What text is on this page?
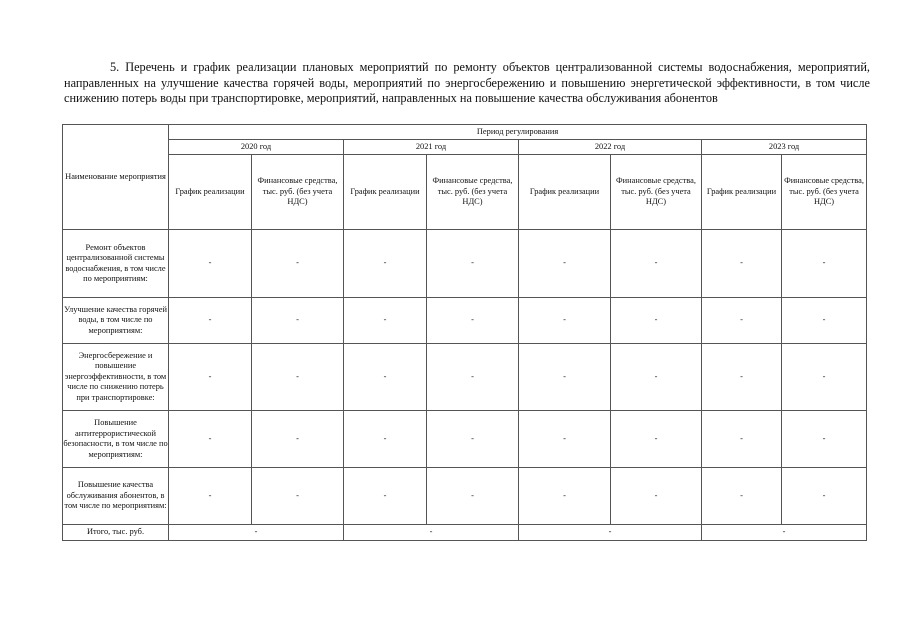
5. Перечень и график реализации плановых мероприятий по ремонту объектов централизованной системы водоснабжения, мероприятий, направленных на улучшение качества горячей воды, мероприятий по энергосбережению и повышению энергетической эффективности, в том числе снижению потерь воды при транспортировке, мероприятий, направленных на повышение качества обслуживания абонентов

Наименование мероприятия	Период регулирования							
	2020 год		2021 год		2022 год		2023 год	
	График реализации	Финансовые средства, тыс. руб. (без учета НДС)	График реализации	Финансовые средства, тыс. руб. (без учета НДС)	График реализации	Финансовые средства, тыс. руб. (без учета НДС)	График реализации	Финансовые средства, тыс. руб. (без учета НДС)
Ремонт объектов централизованной системы водоснабжения, в том числе по мероприятиям:	-	-	-	-	-	-	-	-
Улучшение качества горячей воды, в том числе по мероприятиям:	-	-	-	-	-	-	-	-
Энергосбережение и повышение энергоэффективности, в том числе по снижению потерь при транспортировке:	-	-	-	-	-	-	-	-
Повышение антитеррористической безопасности, в том числе по мероприятиям:	-	-	-	-	-	-	-	-
Повышение качества обслуживания абонентов, в том числе по мероприятиям:	-	-	-	-	-	-	-	-
Итого, тыс. руб.	-		-		-		-	
